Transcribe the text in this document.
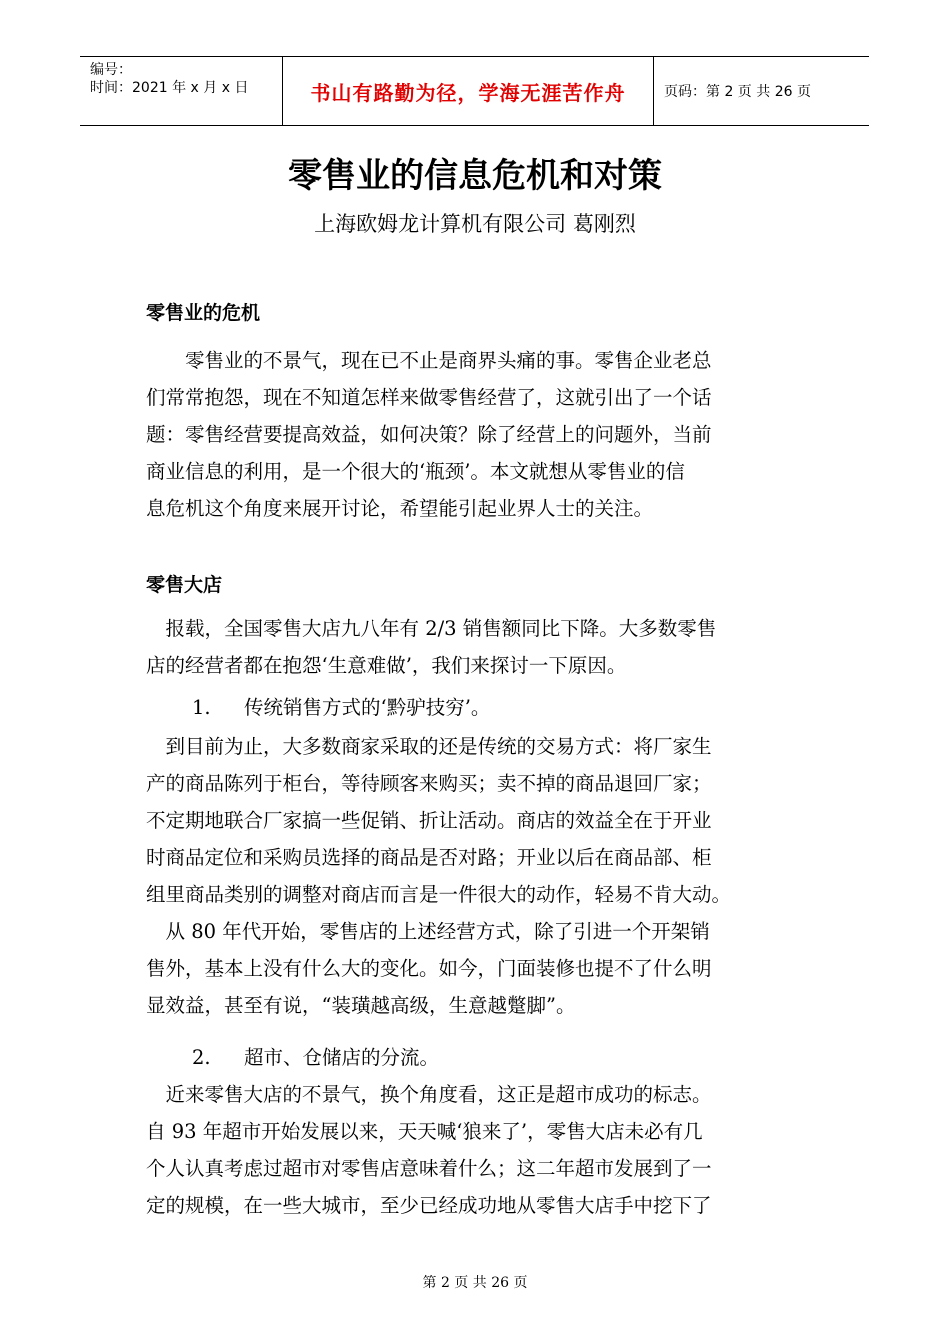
编号：
时间：2021 年 x 月 x 日	书山有路勤为径，学海无涯苦作舟	页码：第 2 页 共 26 页
零售业的信息危机和对策
上海欧姆龙计算机有限公司 葛刚烈
零售业的危机

　　零售业的不景气，现在已不止是商界头痛的事。零售企业老总
们常常抱怨，现在不知道怎样来做零售经营了，这就引出了一个话
题：零售经营要提高效益，如何决策？除了经营上的问题外，当前
商业信息的利用，是一个很大的‘瓶颈’。本文就想从零售业的信
息危机这个角度来展开讨论，希望能引起业界人士的关注。

零售大店

　报载，全国零售大店九八年有 2/3 销售额同比下降。大多数零售
店的经营者都在抱怨‘生意难做’，我们来探讨一下原因。

1. 传统销售方式的‘黔驴技穷’。

　到目前为止，大多数商家采取的还是传统的交易方式：将厂家生
产的商品陈列于柜台，等待顾客来购买；卖不掉的商品退回厂家；
不定期地联合厂家搞一些促销、折让活动。商店的效益全在于开业
时商品定位和采购员选择的商品是否对路；开业以后在商品部、柜
组里商品类别的调整对商店而言是一件很大的动作，轻易不肯大动。

　从 80 年代开始，零售店的上述经营方式，除了引进一个开架销
售外，基本上没有什么大的变化。如今，门面装修也提不了什么明
显效益，甚至有说，“装璜越高级，生意越蹩脚”。

2. 超市、仓储店的分流。

　近来零售大店的不景气，换个角度看，这正是超市成功的标志。
自 93 年超市开始发展以来，天天喊‘狼来了’，零售大店未必有几
个人认真考虑过超市对零售店意味着什么；这二年超市发展到了一
定的规模，在一些大城市，至少已经成功地从零售大店手中挖下了

第 2 页 共 26 页
